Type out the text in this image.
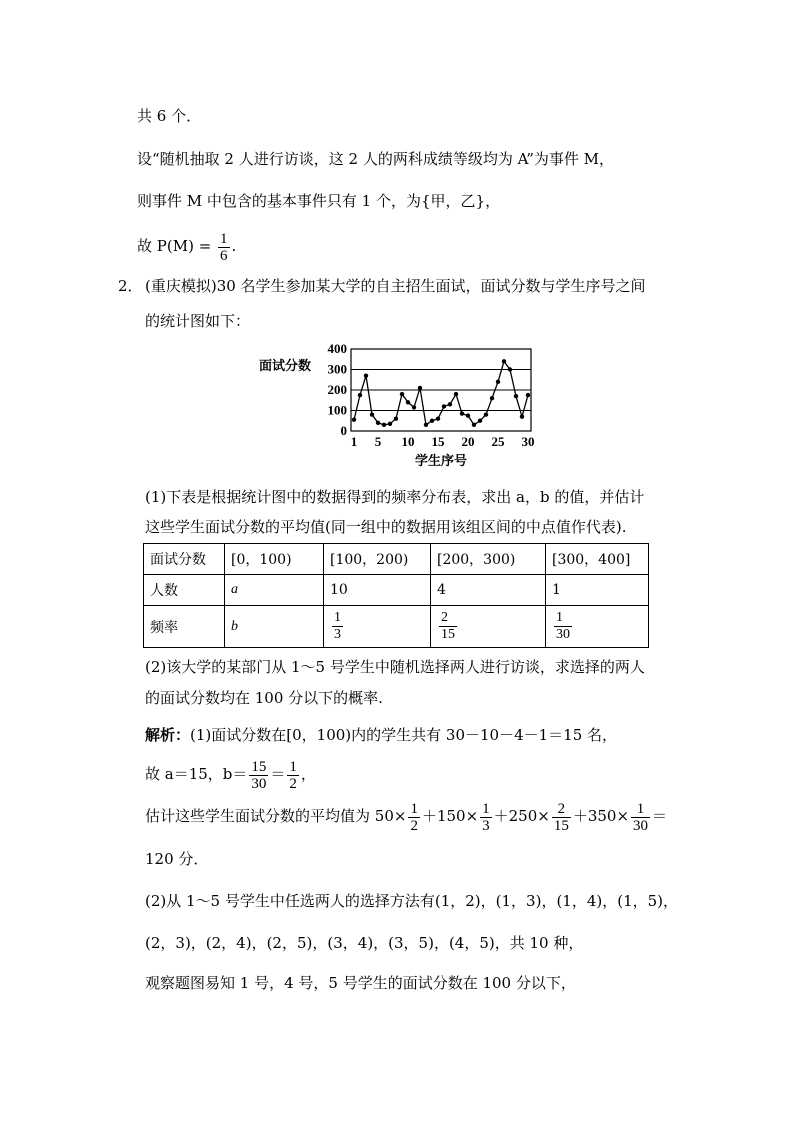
共 6 个．
设“随机抽取 2 人进行访谈，这 2 人的两科成绩等级均为 A”为事件 M，
则事件 M 中包含的基本事件只有 1 个，为{甲，乙}，
故 $P(M) = \frac{1}{6}$ .
2． (重庆模拟)30 名学生参加某大学的自主招生面试，面试分数与学生序号之间
的统计图如下：
0
100
200
300
400
1 5 10 15 20 25 30
面试分数
学生序号
(1)下表是根据统计图中的数据得到的频率分布表，求出 a，b 的值，并估计
这些学生面试分数的平均值(同一组中的数据用该组区间的中点值作代表).
面试分数	[0，100)	[100，200)	[200，300)	[300，400]
人数	a	10	4	1
频率	b	$\frac{1}{3}$	$\frac{2}{15}$	$\frac{1}{30}$
(2)该大学的某部门从 1～5 号学生中随机选择两人进行访谈，求选择的两人
的面试分数均在 100 分以下的概率.
解析：(1)面试分数在[0，100)内的学生共有 30－10－4－1＝15 名，
故 a＝15，$b= \frac{15}{30} = \frac{1}{2}$ ，
估计这些学生面试分数的平均值为 $50\times \frac{1}{2} +150\times \frac{1}{3} +250\times \frac{2}{15} +350\times \frac{1}{30}$ ＝
120 分．
(2)从 1～5 号学生中任选两人的选择方法有(1，2)，(1，3)，(1，4)，(1，5)，
(2，3)，(2，4)，(2，5)，(3，4)，(3，5)，(4，5)，共 10 种，
观察题图易知 1 号，4 号，5 号学生的面试分数在 100 分以下，
